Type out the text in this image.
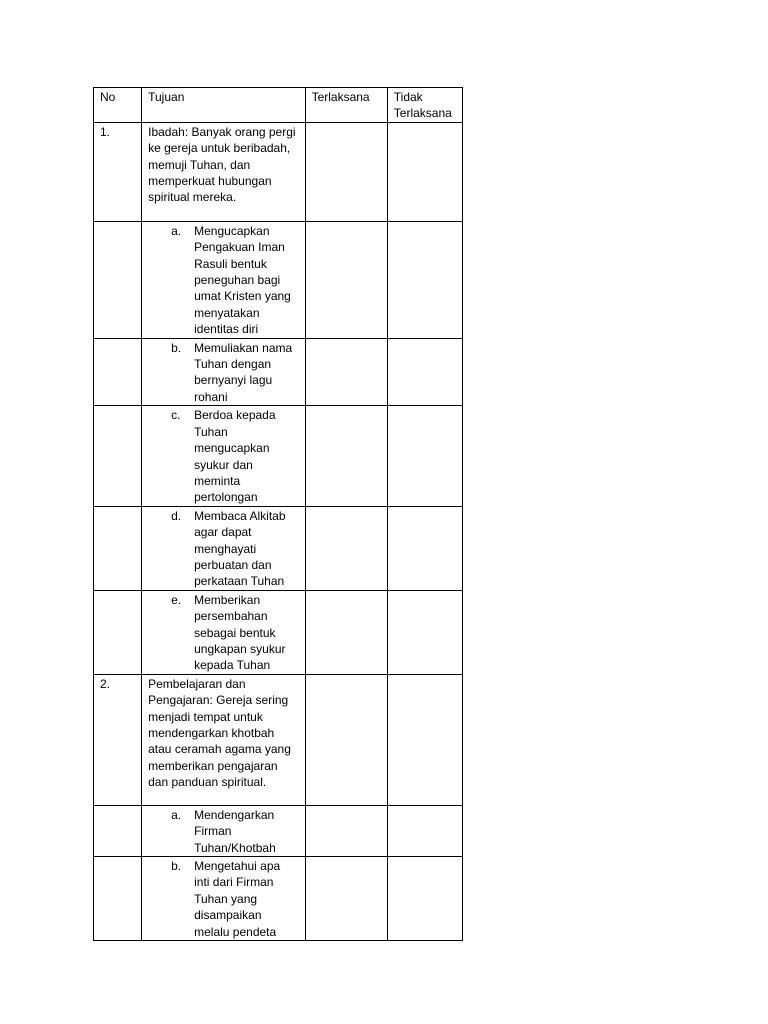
No	Tujuan	Terlaksana	Tidak Terlaksana
1.	Ibadah: Banyak orang pergi ke gereja untuk beribadah, memuji Tuhan, dan memperkuat hubungan spiritual mereka.		

	a. Mengucapkan Pengakuan Iman Rasuli bentuk peneguhan bagi umat Kristen yang menyatakan identitas diri		

	b. Memuliakan nama Tuhan dengan bernyanyi lagu rohani		

	c. Berdoa kepada Tuhan mengucapkan syukur dan meminta pertolongan		

	d. Membaca Alkitab agar dapat menghayati perbuatan dan perkataan Tuhan		

	e. Memberikan persembahan sebagai bentuk ungkapan syukur kepada Tuhan		

2.	Pembelajaran dan Pengajaran: Gereja sering menjadi tempat untuk mendengarkan khotbah atau ceramah agama yang memberikan pengajaran dan panduan spiritual.		

	a. Mendengarkan Firman Tuhan/Khotbah		

	b. Mengetahui apa inti dari Firman Tuhan yang disampaikan melalu pendeta		
